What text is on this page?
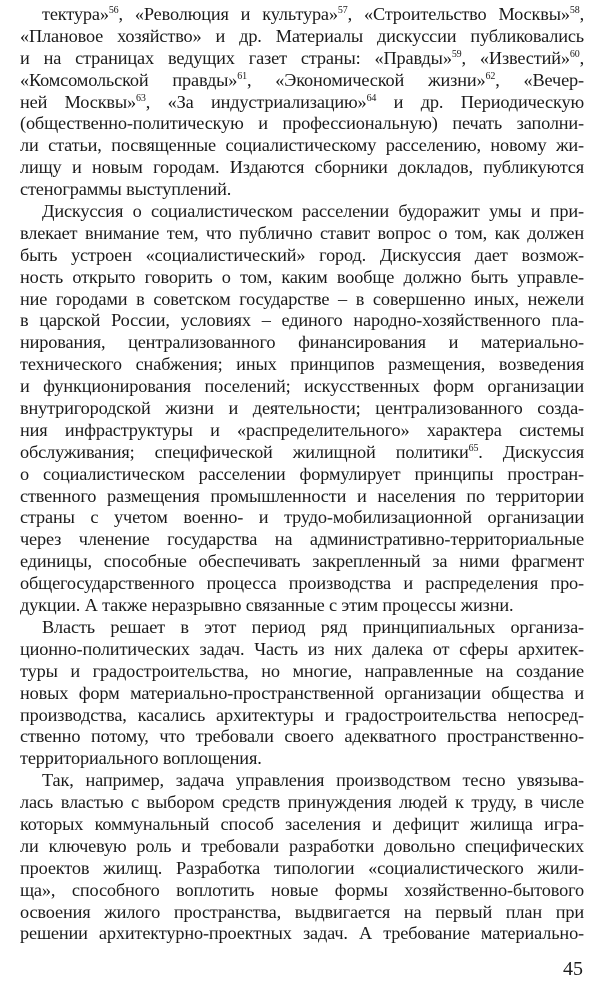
тектура»$^{56}$, «Революция и культура»$^{57}$, «Строительство Москвы»$^{58}$,
«Плановое хозяйство» и др. Материалы дискуссии публиковались
и на страницах ведущих газет страны: «Правды»$^{59}$, «Известий»$^{60}$,
«Комсомольской правды»$^{61}$, «Экономической жизни»$^{62}$, «Вечер-
ней Москвы»$^{63}$, «За индустриализацию»$^{64}$ и др. Периодическую
(общественно-политическую и профессиональную) печать заполни-
ли статьи, посвященные социалистическому расселению, новому жи-
лищу и новым городам. Издаются сборники докладов, публикуются
стенограммы выступлений.
Дискуссия о социалистическом расселении будоражит умы и при-
влекает внимание тем, что публично ставит вопрос о том, как должен
быть устроен «социалистический» город. Дискуссия дает возмож-
ность открыто говорить о том, каким вообще должно быть управле-
ние городами в советском государстве – в совершенно иных, нежели
в царской России, условиях – единого народно-хозяйственного пла-
нирования, централизованного финансирования и материально-
технического снабжения; иных принципов размещения, возведения
и функционирования поселений; искусственных форм организации
внутригородской жизни и деятельности; централизованного созда-
ния инфраструктуры и «распределительного» характера системы
обслуживания; специфической жилищной политики$^{65}$. Дискуссия
о социалистическом расселении формулирует принципы простран-
ственного размещения промышленности и населения по территории
страны с учетом военно- и трудо-мобилизационной организации
через членение государства на административно-территориальные
единицы, способные обеспечивать закрепленный за ними фрагмент
общегосударственного процесса производства и распределения про-
дукции. А также неразрывно связанные с этим процессы жизни.
Власть решает в этот период ряд принципиальных организа-
ционно-политических задач. Часть из них далека от сферы архитек-
туры и градостроительства, но многие, направленные на создание
новых форм материально-пространственной организации общества и
производства, касались архитектуры и градостроительства непосред-
ственно потому, что требовали своего адекватного пространственно-
территориального воплощения.
Так, например, задача управления производством тесно увязыва-
лась властью с выбором средств принуждения людей к труду, в числе
которых коммунальный способ заселения и дефицит жилища игра-
ли ключевую роль и требовали разработки довольно специфических
проектов жилищ. Разработка типологии «социалистического жили-
ща», способного воплотить новые формы хозяйственно-бытового
освоения жилого пространства, выдвигается на первый план при
решении архитектурно-проектных задач. А требование материально-
45
